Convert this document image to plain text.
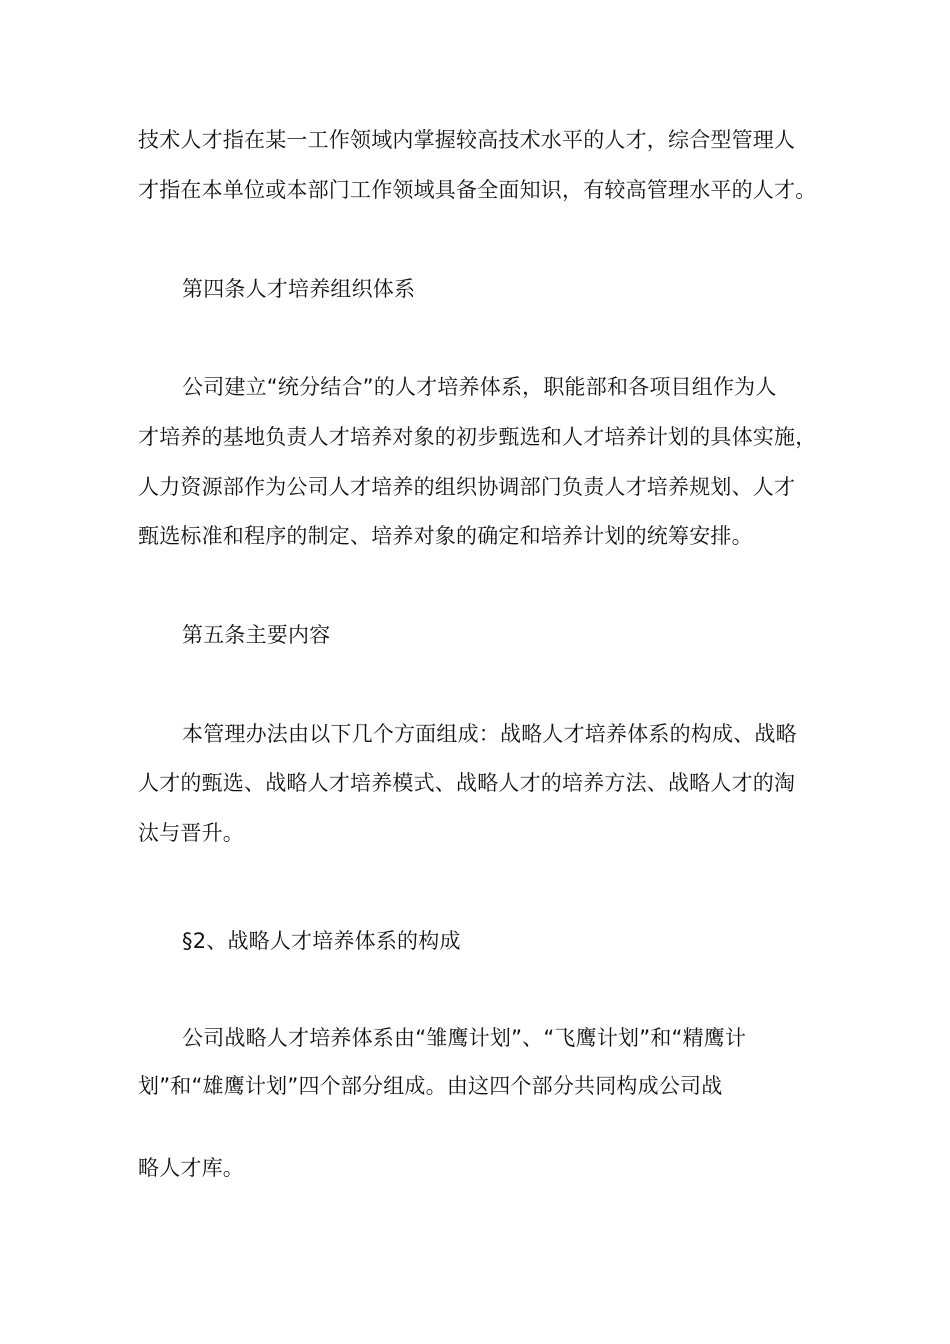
技术人才指在某一工作领域内掌握较高技术水平的人才，综合型管理人
才指在本单位或本部门工作领域具备全面知识，有较高管理水平的人才。
第四条人才培养组织体系
公司建立“统分结合”的人才培养体系，职能部和各项目组作为人
才培养的基地负责人才培养对象的初步甄选和人才培养计划的具体实施，
人力资源部作为公司人才培养的组织协调部门负责人才培养规划、人才
甄选标准和程序的制定、培养对象的确定和培养计划的统筹安排。
第五条主要内容
本管理办法由以下几个方面组成：战略人才培养体系的构成、战略
人才的甄选、战略人才培养模式、战略人才的培养方法、战略人才的淘
汰与晋升。
§2、战略人才培养体系的构成
公司战略人才培养体系由“雏鹰计划”、“飞鹰计划”和“精鹰计
划”和“雄鹰计划”四个部分组成。由这四个部分共同构成公司战
略人才库。
